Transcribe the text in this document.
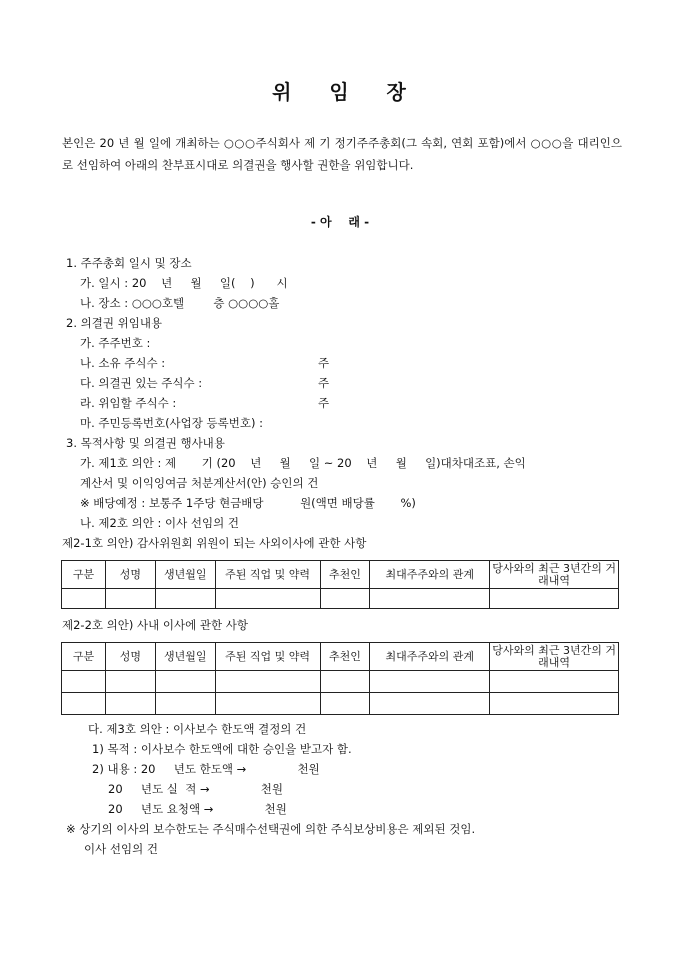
위    임    장
본인은 20 년 월 일에 개최하는 ○○○주식회사 제 기 정기주주총회(그 속회, 연회 포함)에서 ○○○을 대리인으로 선임하여 아래의 찬부표시대로 의결권을 행사할 권한을 위임합니다.
- 아    래 -
1. 주주총회 일시 및 장소
가. 일시 : 20    년     월     일(    )      시
나. 장소 : ○○○호텔        층 ○○○○홀
2. 의결권 위임내용
가. 주주번호 :
나. 소유 주식수 :	주
다. 의결권 있는 주식수 :	주
라. 위임할 주식수 :	주
마. 주민등록번호(사업장 등록번호) :
3. 목적사항 및 의결권 행사내용
가. 제1호 의안 : 제       기 (20    년     월     일 ~ 20    년     월     일)대차대조표, 손익
계산서 및 이익잉여금 처분계산서(안) 승인의 건
※ 배당예정 : 보통주 1주당 현금배당          원(액면 배당률       %)
나. 제2호 의안 : 이사 선임의 건
제2-1호 의안) 감사위원회 위원이 되는 사외이사에 관한 사항
구분	성명	생년월일	주된 직업 및 약력	추천인	최대주주와의 관계	당사와의 최근 3년간의 거래내역

제2-2호 의안) 사내 이사에 관한 사항
구분	성명	생년월일	주된 직업 및 약력	추천인	최대주주와의 관계	당사와의 최근 3년간의 거래내역

다. 제3호 의안 : 이사보수 한도액 결정의 건
1) 목적 : 이사보수 한도액에 대한 승인을 받고자 함.
2) 내용 : 20     년도 한도액 →              천원
20     년도 실  적 →              천원
20     년도 요청액 →              천원
※ 상기의 이사의 보수한도는 주식매수선택권에 의한 주식보상비용은 제외된 것임.
이사 선임의 건
